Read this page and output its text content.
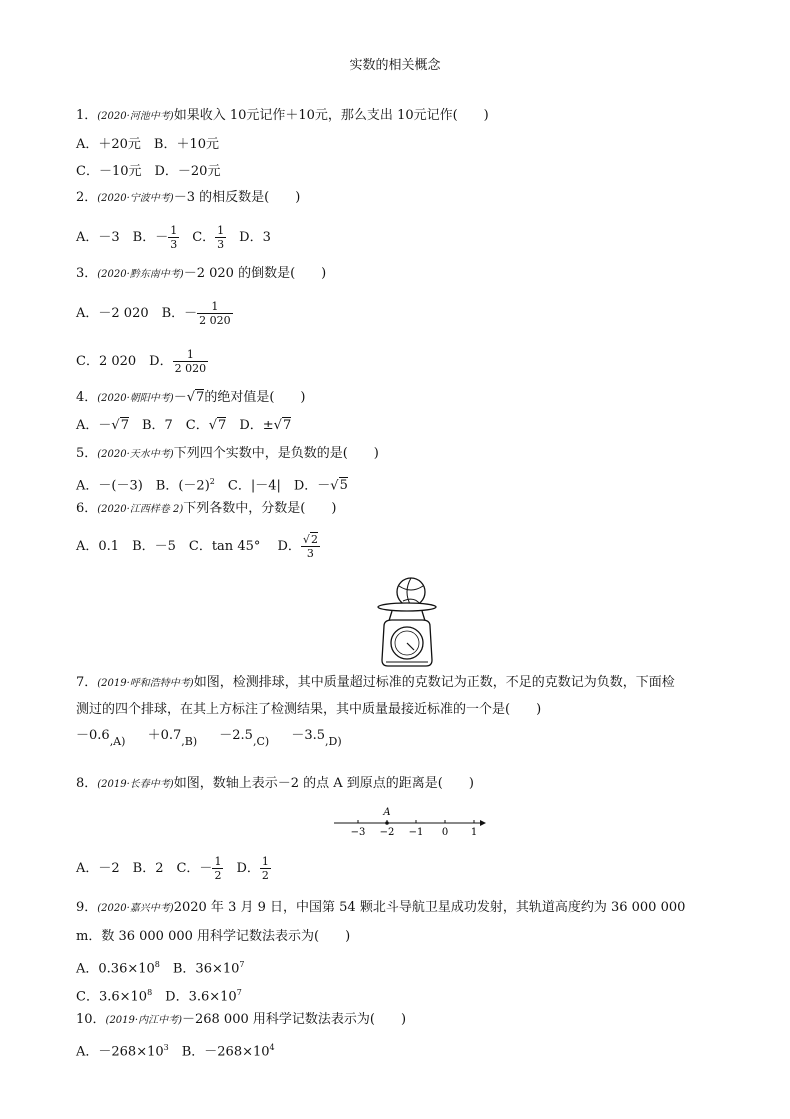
实数的相关概念
1．(2020·河池中考)如果收入 10元记作＋10元，那么支出 10元记作(　　)
A．＋20元　B．＋10元
C．－10元　D．－20元
2．(2020·宁波中考)－3 的相反数是(　　)
A．－3　B．－ $\frac{1}{3}$ 　C． $\frac{1}{3}$ 　D．3
3．(2020·黔东南中考)－2 020 的倒数是(　　)
A．－2 020　B．－ $\frac{1}{2 020}$
C．2 020　D． $\frac{1}{2 020}$
4．(2020·朝阳中考)－√7的绝对值是(　　)
A．－√7　B．7　C．√7　D．±√7
5．(2020·天水中考)下列四个实数中，是负数的是(　　)
A．－(－3)　B．$(-2)^2$　C．|－4|　D．－√5
6．(2020·江西样卷 2)下列各数中，分数是(　　)
A．0.1　B．－5　C．tan 45°　 D． $\frac{√2}{3}$
7．(2019·呼和浩特中考)如图，检测排球，其中质量超过标准的克数记为正数，不足的克数记为负数，下面检
测过的四个排球，在其上方标注了检测结果，其中质量最接近标准的一个是(　　)
－0.6,A) ＋0.7,B) －2.5,C) －3.5,D)
8．(2019·长春中考)如图，数轴上表示－2 的点 A 到原点的距离是(　　)
−3 −2 −1 0 1
A
A．－2　B．2　C．－ $\frac{1}{2}$ 　D． $\frac{1}{2}$
9．(2020·嘉兴中考)2020 年 3 月 9 日，中国第 54 颗北斗导航卫星成功发射，其轨道高度约为 36 000 000
m．数 36 000 000 用科学记数法表示为(　　)
A．$0.36\times 10^8$　B．$36\times 10^7$
C．$3.6\times 10^8$　D．$3.6\times 10^7$
10．(2019·内江中考)－268 000 用科学记数法表示为(　　)
A．$-268\times 10^3$　B．$-268\times 10^4$
